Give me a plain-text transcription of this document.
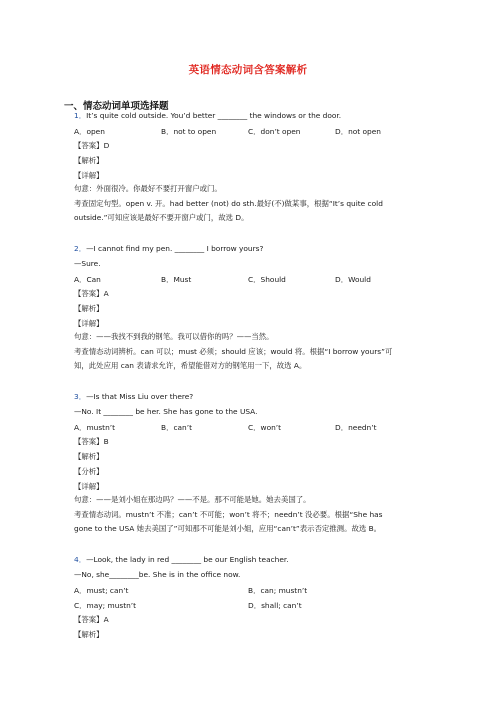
英语情态动词含答案解析
一、情态动词单项选择题
1．It’s quite cold outside. You’d better ________ the windows or the door.
A．open	B．not to open	C．don’t open	D．not open
【答案】D
【解析】
【详解】
句意：外面很冷。你最好不要打开窗户或门。
考查固定句型。open v. 开。had better (not) do sth.最好(不)做某事，根据“It’s quite cold
outside.”可知应该是最好不要开窗户或门，故选 D。
2．—I cannot find my pen. ________ I borrow yours?
—Sure.
A．Can	B．Must	C．Should	D．Would
【答案】A
【解析】
【详解】
句意：——我找不到我的钢笔。我可以借你的吗？——当然。
考查情态动词辨析。can 可以；must 必须；should 应该；would 将。根据“I borrow yours”可
知，此处应用 can 表请求允许，希望能借对方的钢笔用一下，故选 A。
3．—Is that Miss Liu over there?
—No. It ________ be her. She has gone to the USA.
A．mustn’t	B．can’t	C．won’t	D．needn’t
【答案】B
【解析】
【分析】
【详解】
句意：——是刘小姐在那边吗？——不是。那不可能是她。她去美国了。
考查情态动词。mustn’t 不准；can’t 不可能；won’t 将不；needn’t 没必要。根据“She has
gone to the USA 她去美国了”可知那不可能是刘小姐，应用“can’t”表示否定推测。故选 B。
4．—Look, the lady in red ________ be our English teacher.
—No, she________be. She is in the office now.
A．must; can’t	B．can; mustn’t
C．may; mustn’t	D．shall; can’t
【答案】A
【解析】
